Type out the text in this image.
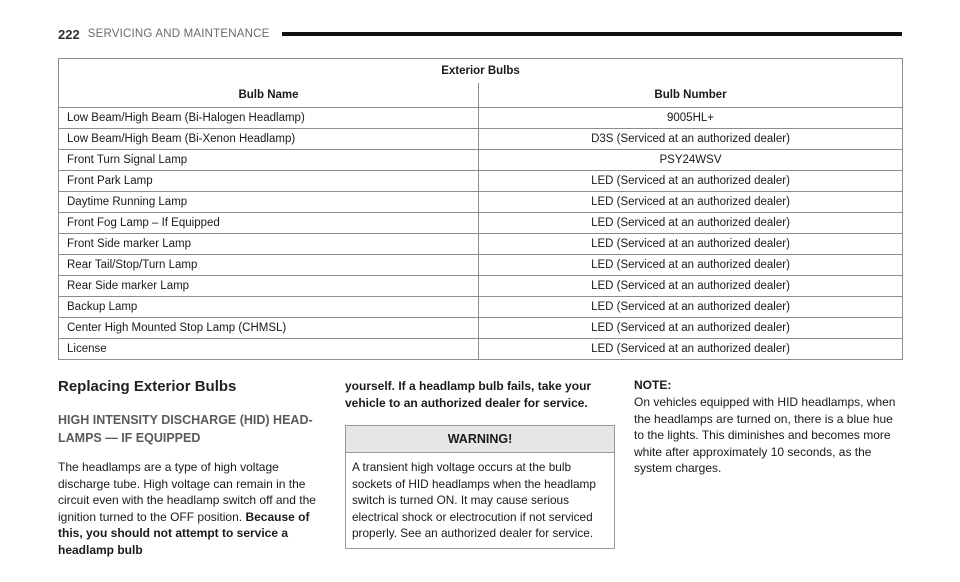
222 SERVICING AND MAINTENANCE
Exterior Bulbs	
Bulb Name	Bulb Number
Low Beam/High Beam (Bi-Halogen Headlamp)	9005HL+
Low Beam/High Beam (Bi-Xenon Headlamp)	D3S (Serviced at an authorized dealer)
Front Turn Signal Lamp	PSY24WSV
Front Park Lamp	LED (Serviced at an authorized dealer)
Daytime Running Lamp	LED (Serviced at an authorized dealer)
Front Fog Lamp – If Equipped	LED (Serviced at an authorized dealer)
Front Side marker Lamp	LED (Serviced at an authorized dealer)
Rear Tail/Stop/Turn Lamp	LED (Serviced at an authorized dealer)
Rear Side marker Lamp	LED (Serviced at an authorized dealer)
Backup Lamp	LED (Serviced at an authorized dealer)
Center High Mounted Stop Lamp (CHMSL)	LED (Serviced at an authorized dealer)
License	LED (Serviced at an authorized dealer)
Replacing Exterior Bulbs
HIGH INTENSITY DISCHARGE (HID) HEAD-LAMPS — IF EQUIPPED

The headlamps are a type of high voltage discharge tube. High voltage can remain in the circuit even with the headlamp switch off and the ignition turned to the OFF position. Because of this, you should not attempt to service a headlamp bulb

yourself. If a headlamp bulb fails, take your vehicle to an authorized dealer for service.

WARNING!
A transient high voltage occurs at the bulb sockets of HID headlamps when the headlamp switch is turned ON. It may cause serious electrical shock or electrocution if not serviced properly. See an authorized dealer for service.

NOTE:

On vehicles equipped with HID headlamps, when the headlamps are turned on, there is a blue hue to the lights. This diminishes and becomes more white after approximately 10 seconds, as the system charges.
